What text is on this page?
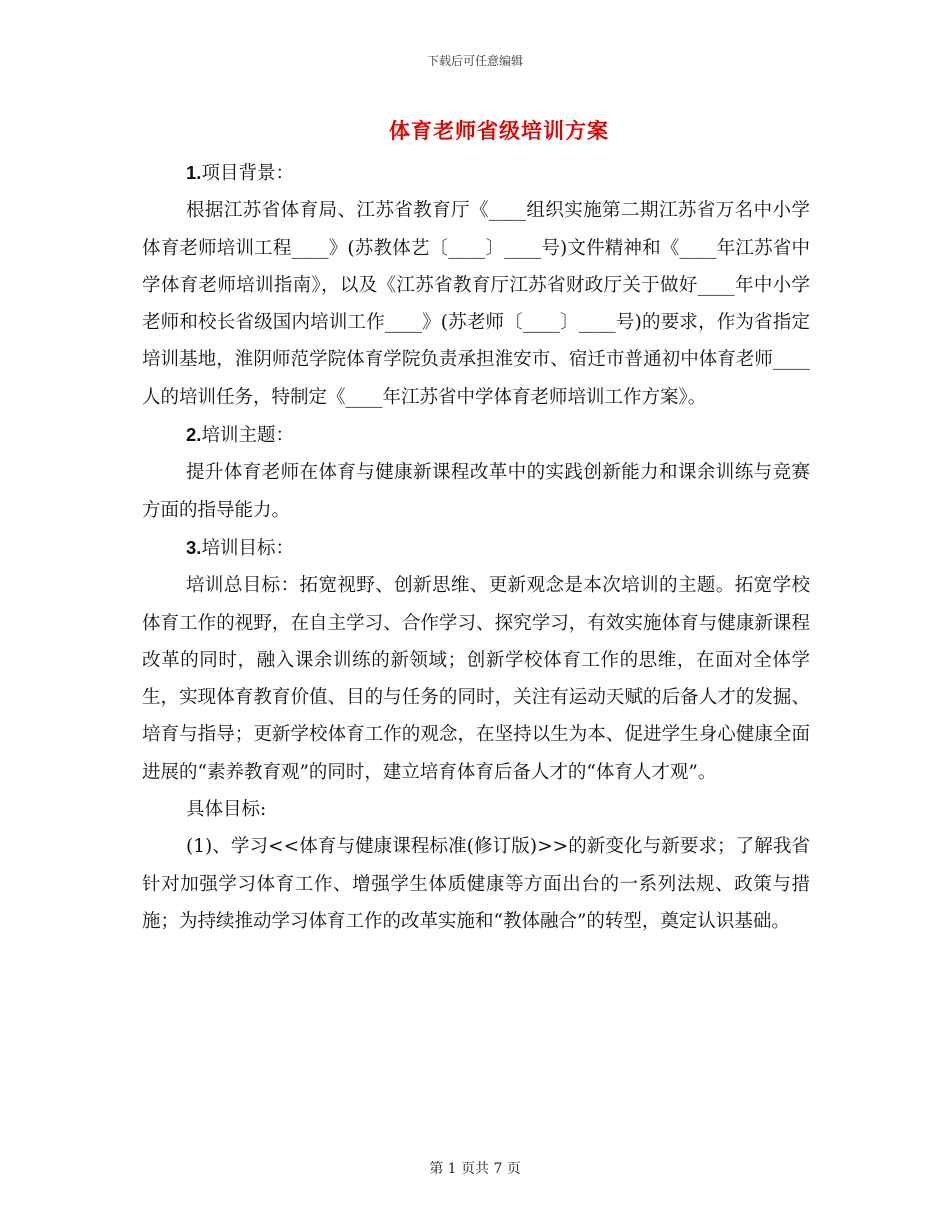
下载后可任意编辑
体育老师省级培训方案

1.项目背景：

根据江苏省体育局、江苏省教育厅《____组织实施第二期江苏省万名中小学体育老师培训工程____》(苏教体艺〔____〕____号)文件精神和《____年江苏省中学体育老师培训指南》，以及《江苏省教育厅江苏省财政厅关于做好____年中小学老师和校长省级国内培训工作____》(苏老师〔____〕____号)的要求，作为省指定培训基地，淮阴师范学院体育学院负责承担淮安市、宿迁市普通初中体育老师____人的培训任务，特制定《____年江苏省中学体育老师培训工作方案》。

2.培训主题：

提升体育老师在体育与健康新课程改革中的实践创新能力和课余训练与竞赛方面的指导能力。

3.培训目标：

培训总目标：拓宽视野、创新思维、更新观念是本次培训的主题。拓宽学校体育工作的视野，在自主学习、合作学习、探究学习，有效实施体育与健康新课程改革的同时，融入课余训练的新领域；创新学校体育工作的思维，在面对全体学生，实现体育教育价值、目的与任务的同时，关注有运动天赋的后备人才的发掘、培育与指导；更新学校体育工作的观念，在坚持以生为本、促进学生身心健康全面进展的“素养教育观”的同时，建立培育体育后备人才的“体育人才观”。

具体目标:

(1)、学习<<体育与健康课程标准(修订版)>>的新变化与新要求；了解我省针对加强学习体育工作、增强学生体质健康等方面出台的一系列法规、政策与措施；为持续推动学习体育工作的改革实施和“教体融合”的转型，奠定认识基础。

第 1 页共 7 页
